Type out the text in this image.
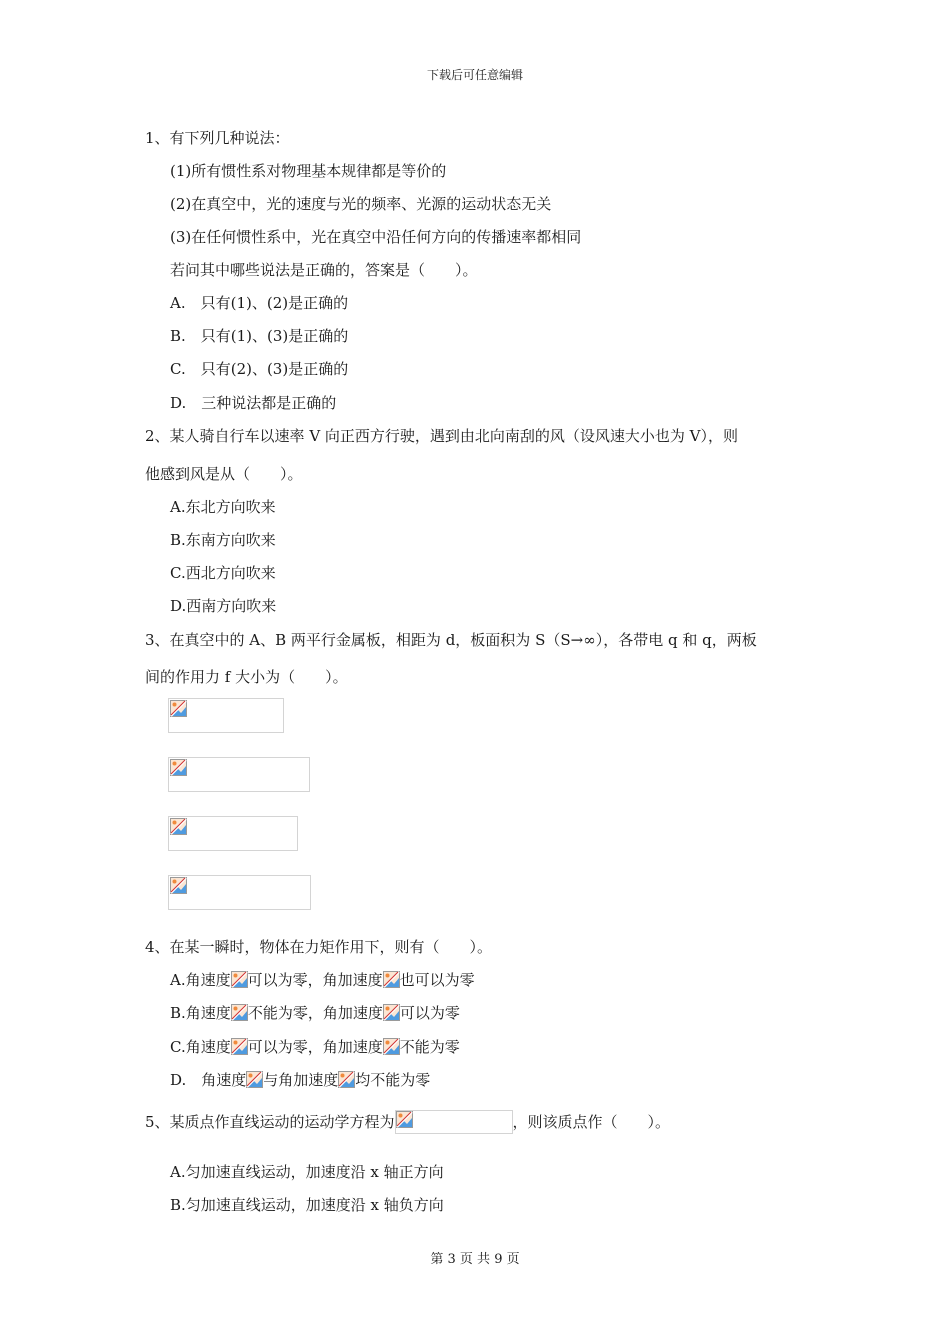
下载后可任意编辑
1、有下列几种说法：
(1)所有惯性系对物理基本规律都是等价的
(2)在真空中，光的速度与光的频率、光源的运动状态无关
(3)在任何惯性系中，光在真空中沿任何方向的传播速率都相同
若问其中哪些说法是正确的，答案是（　　）。
A.　只有(1)、(2)是正确的
B.　只有(1)、(3)是正确的
C.　只有(2)、(3)是正确的
D.　三种说法都是正确的
2、某人骑自行车以速率 V 向正西方行驶，遇到由北向南刮的风（设风速大小也为 V），则
他感到风是从（　　）。
A.东北方向吹来
B.东南方向吹来
C.西北方向吹来
D.西南方向吹来
3、在真空中的 A、B 两平行金属板，相距为 d，板面积为 S（S→∞），各带电 q 和 q，两板
间的作用力 f 大小为（　　）。
4、在某一瞬时，物体在力矩作用下，则有（　　）。
A.角速度 可以为零，角加速度 也可以为零
B.角速度 不能为零，角加速度 可以为零
C.角速度 可以为零，角加速度 不能为零
D.　角速度 与角加速度 均不能为零
5、某质点作直线运动的运动学方程为	，则该质点作（　　）。
A.匀加速直线运动，加速度沿 x 轴正方向
B.匀加速直线运动，加速度沿 x 轴负方向
第 3 页 共 9 页
